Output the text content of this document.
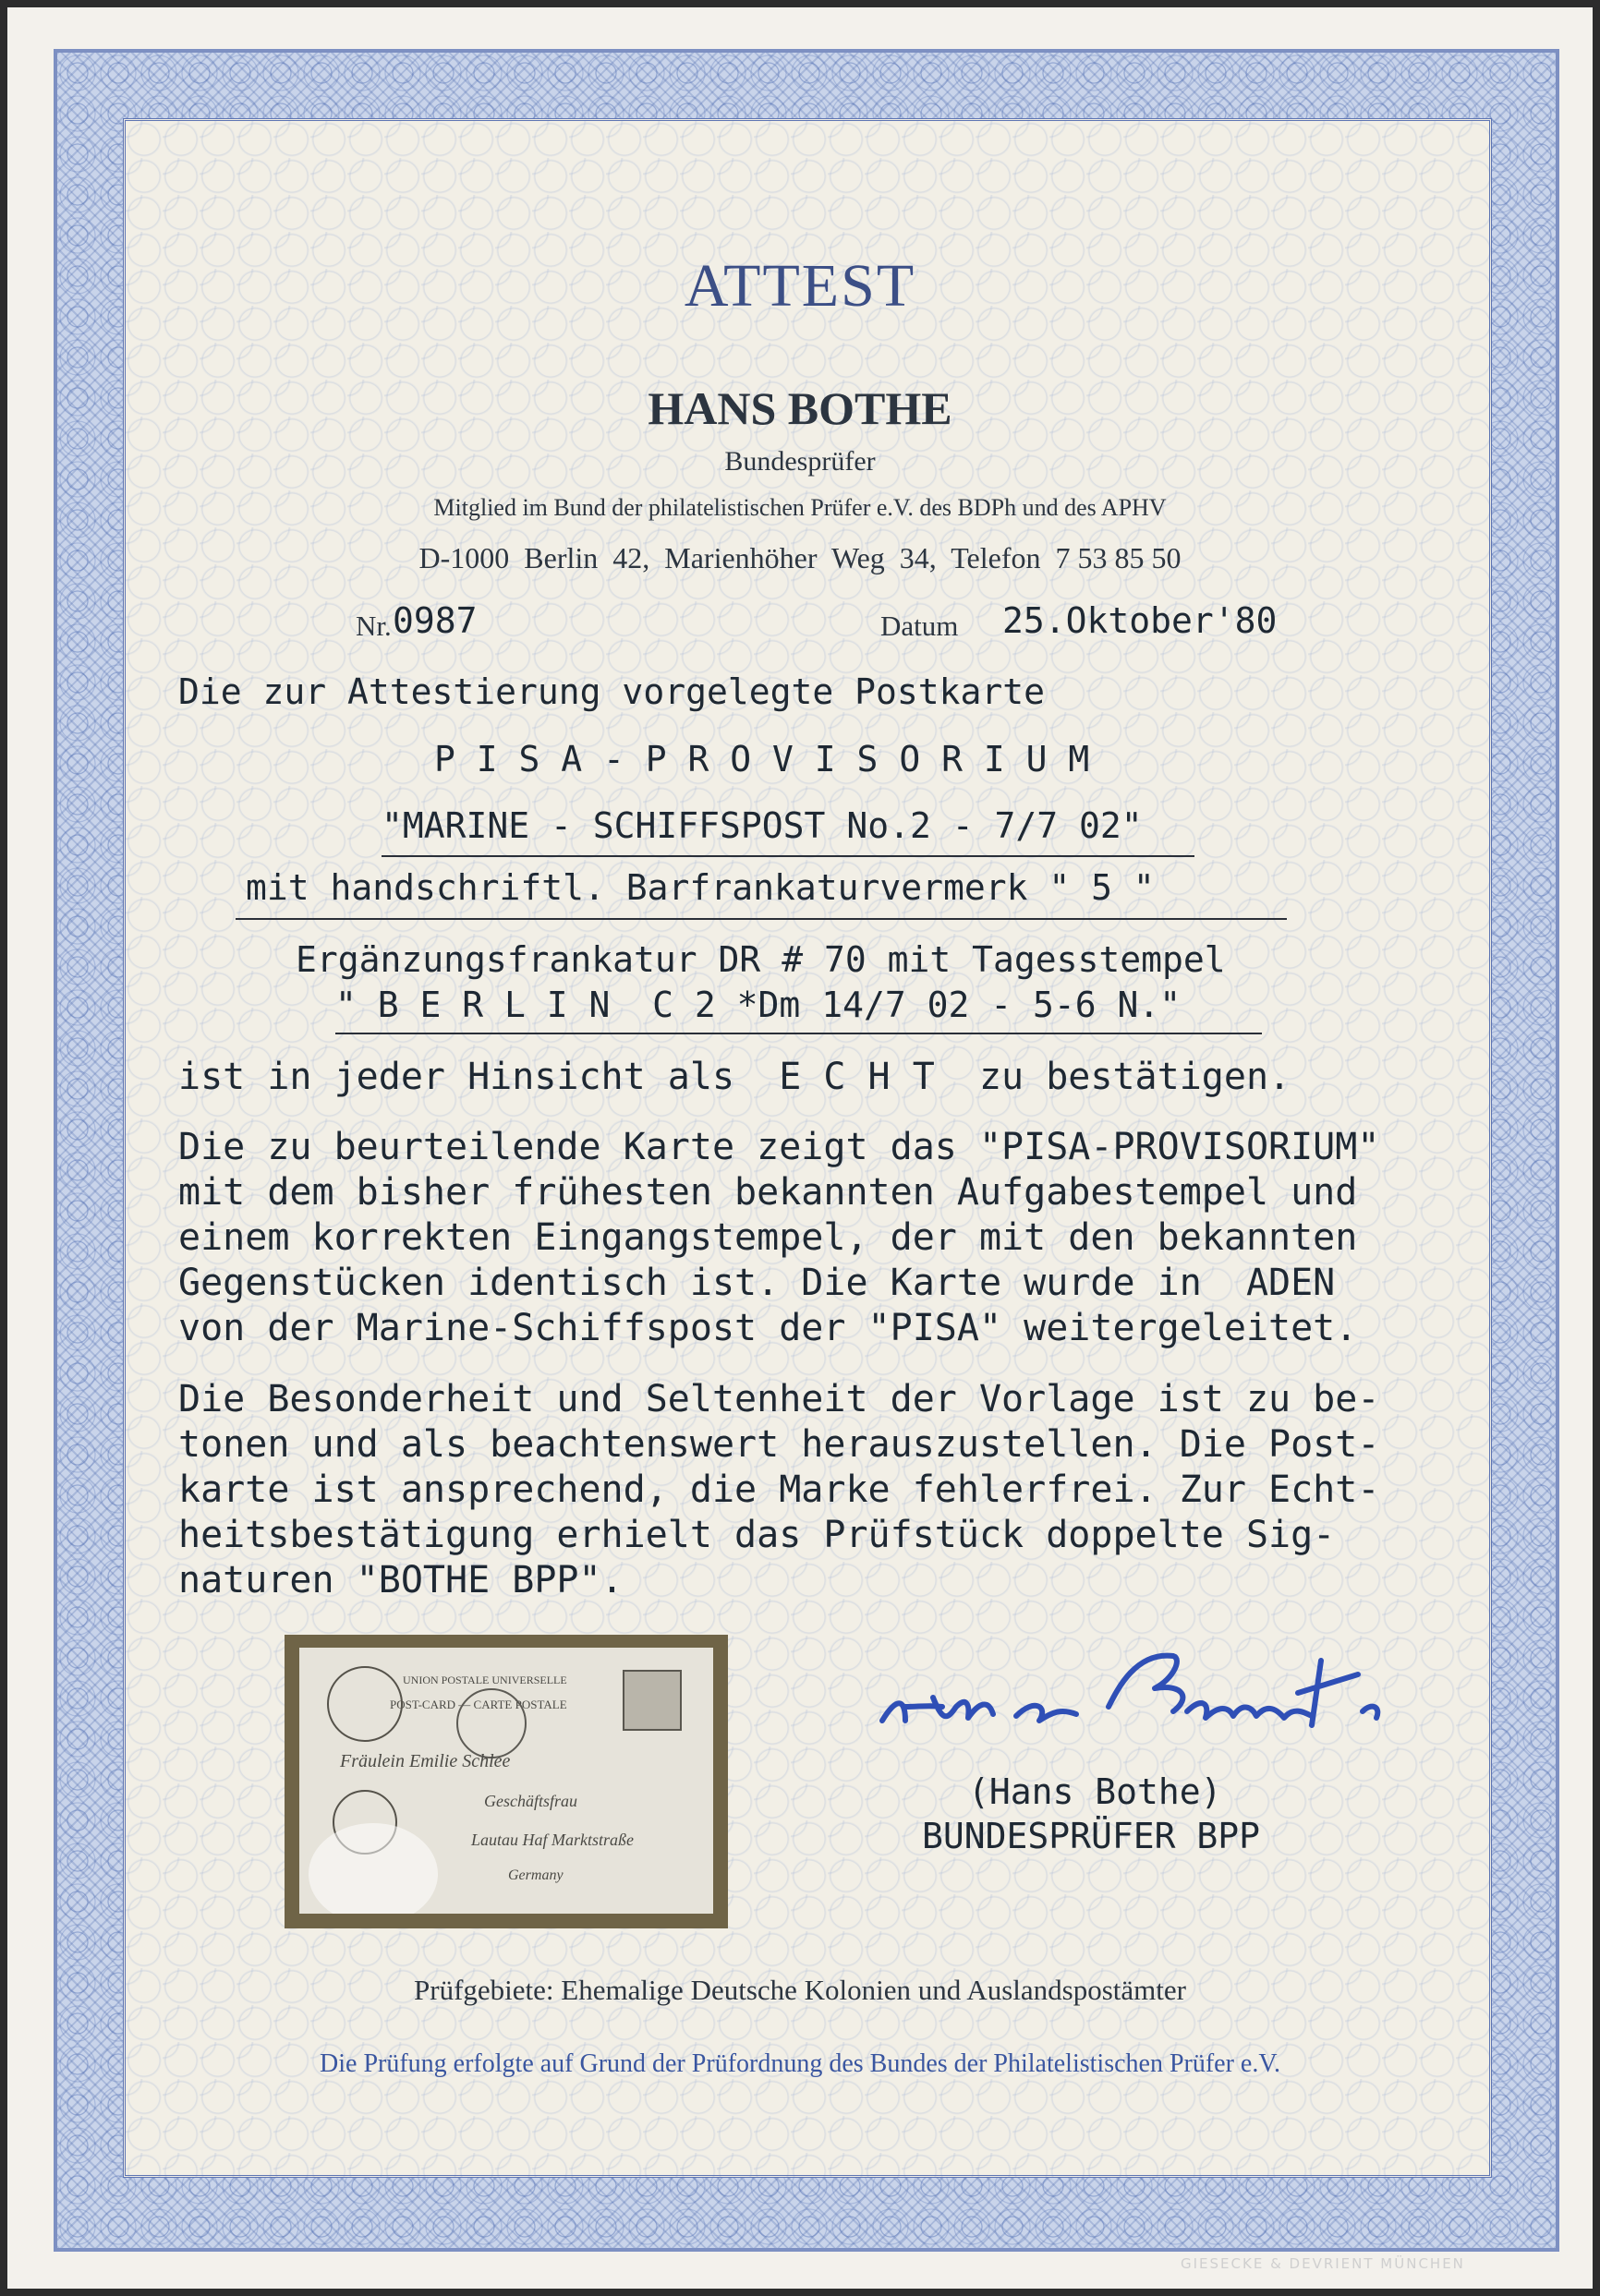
ATTEST
HANS BOTHE
Bundesprüfer
Mitglied im Bund der philatelistischen Prüfer e.V. des BDPh und des APHV
D-1000  Berlin  42,  Marienhöher  Weg  34,  Telefon  7 53 85 50
Nr. 0987	Datum 25.Oktober'80
Die zur Attestierung vorgelegte Postkarte
P I S A - P R O V I S O R I U M
"MARINE - SCHIFFSPOST No.2 - 7/7 02"
mit handschriftl. Barfrankaturvermerk " 5 "
Ergänzungsfrankatur DR # 70 mit Tagesstempel
" B E R L I N  C 2 *Dm 14/7 02 - 5-6 N."
ist in jeder Hinsicht als  E C H T  zu bestätigen.
Die zu beurteilende Karte zeigt das "PISA-PROVISORIUM"
mit dem bisher frühesten bekannten Aufgabestempel und
einem korrekten Eingangstempel, der mit den bekannten
Gegenstücken identisch ist. Die Karte wurde in  ADEN
von der Marine-Schiffspost der "PISA" weitergeleitet.
Die Besonderheit und Seltenheit der Vorlage ist zu be-
tonen und als beachtenswert herauszustellen. Die Post-
karte ist ansprechend, die Marke fehlerfrei. Zur Echt-
heitsbestätigung erhielt das Prüfstück doppelte Sig-
naturen "BOTHE BPP".
UNION POSTALE UNIVERSELLE
POST-CARD — CARTE POSTALE
Fräulein Emilie Schlee
Geschäftsfrau
Lautau Haf Marktstraße
Germany
(Hans Bothe)
BUNDESPRÜFER BPP
Prüfgebiete: Ehemalige Deutsche Kolonien und Auslandspostämter
Die Prüfung erfolgte auf Grund der Prüfordnung des Bundes der Philatelistischen Prüfer e.V.
GIESECKE & DEVRIENT MÜNCHEN
